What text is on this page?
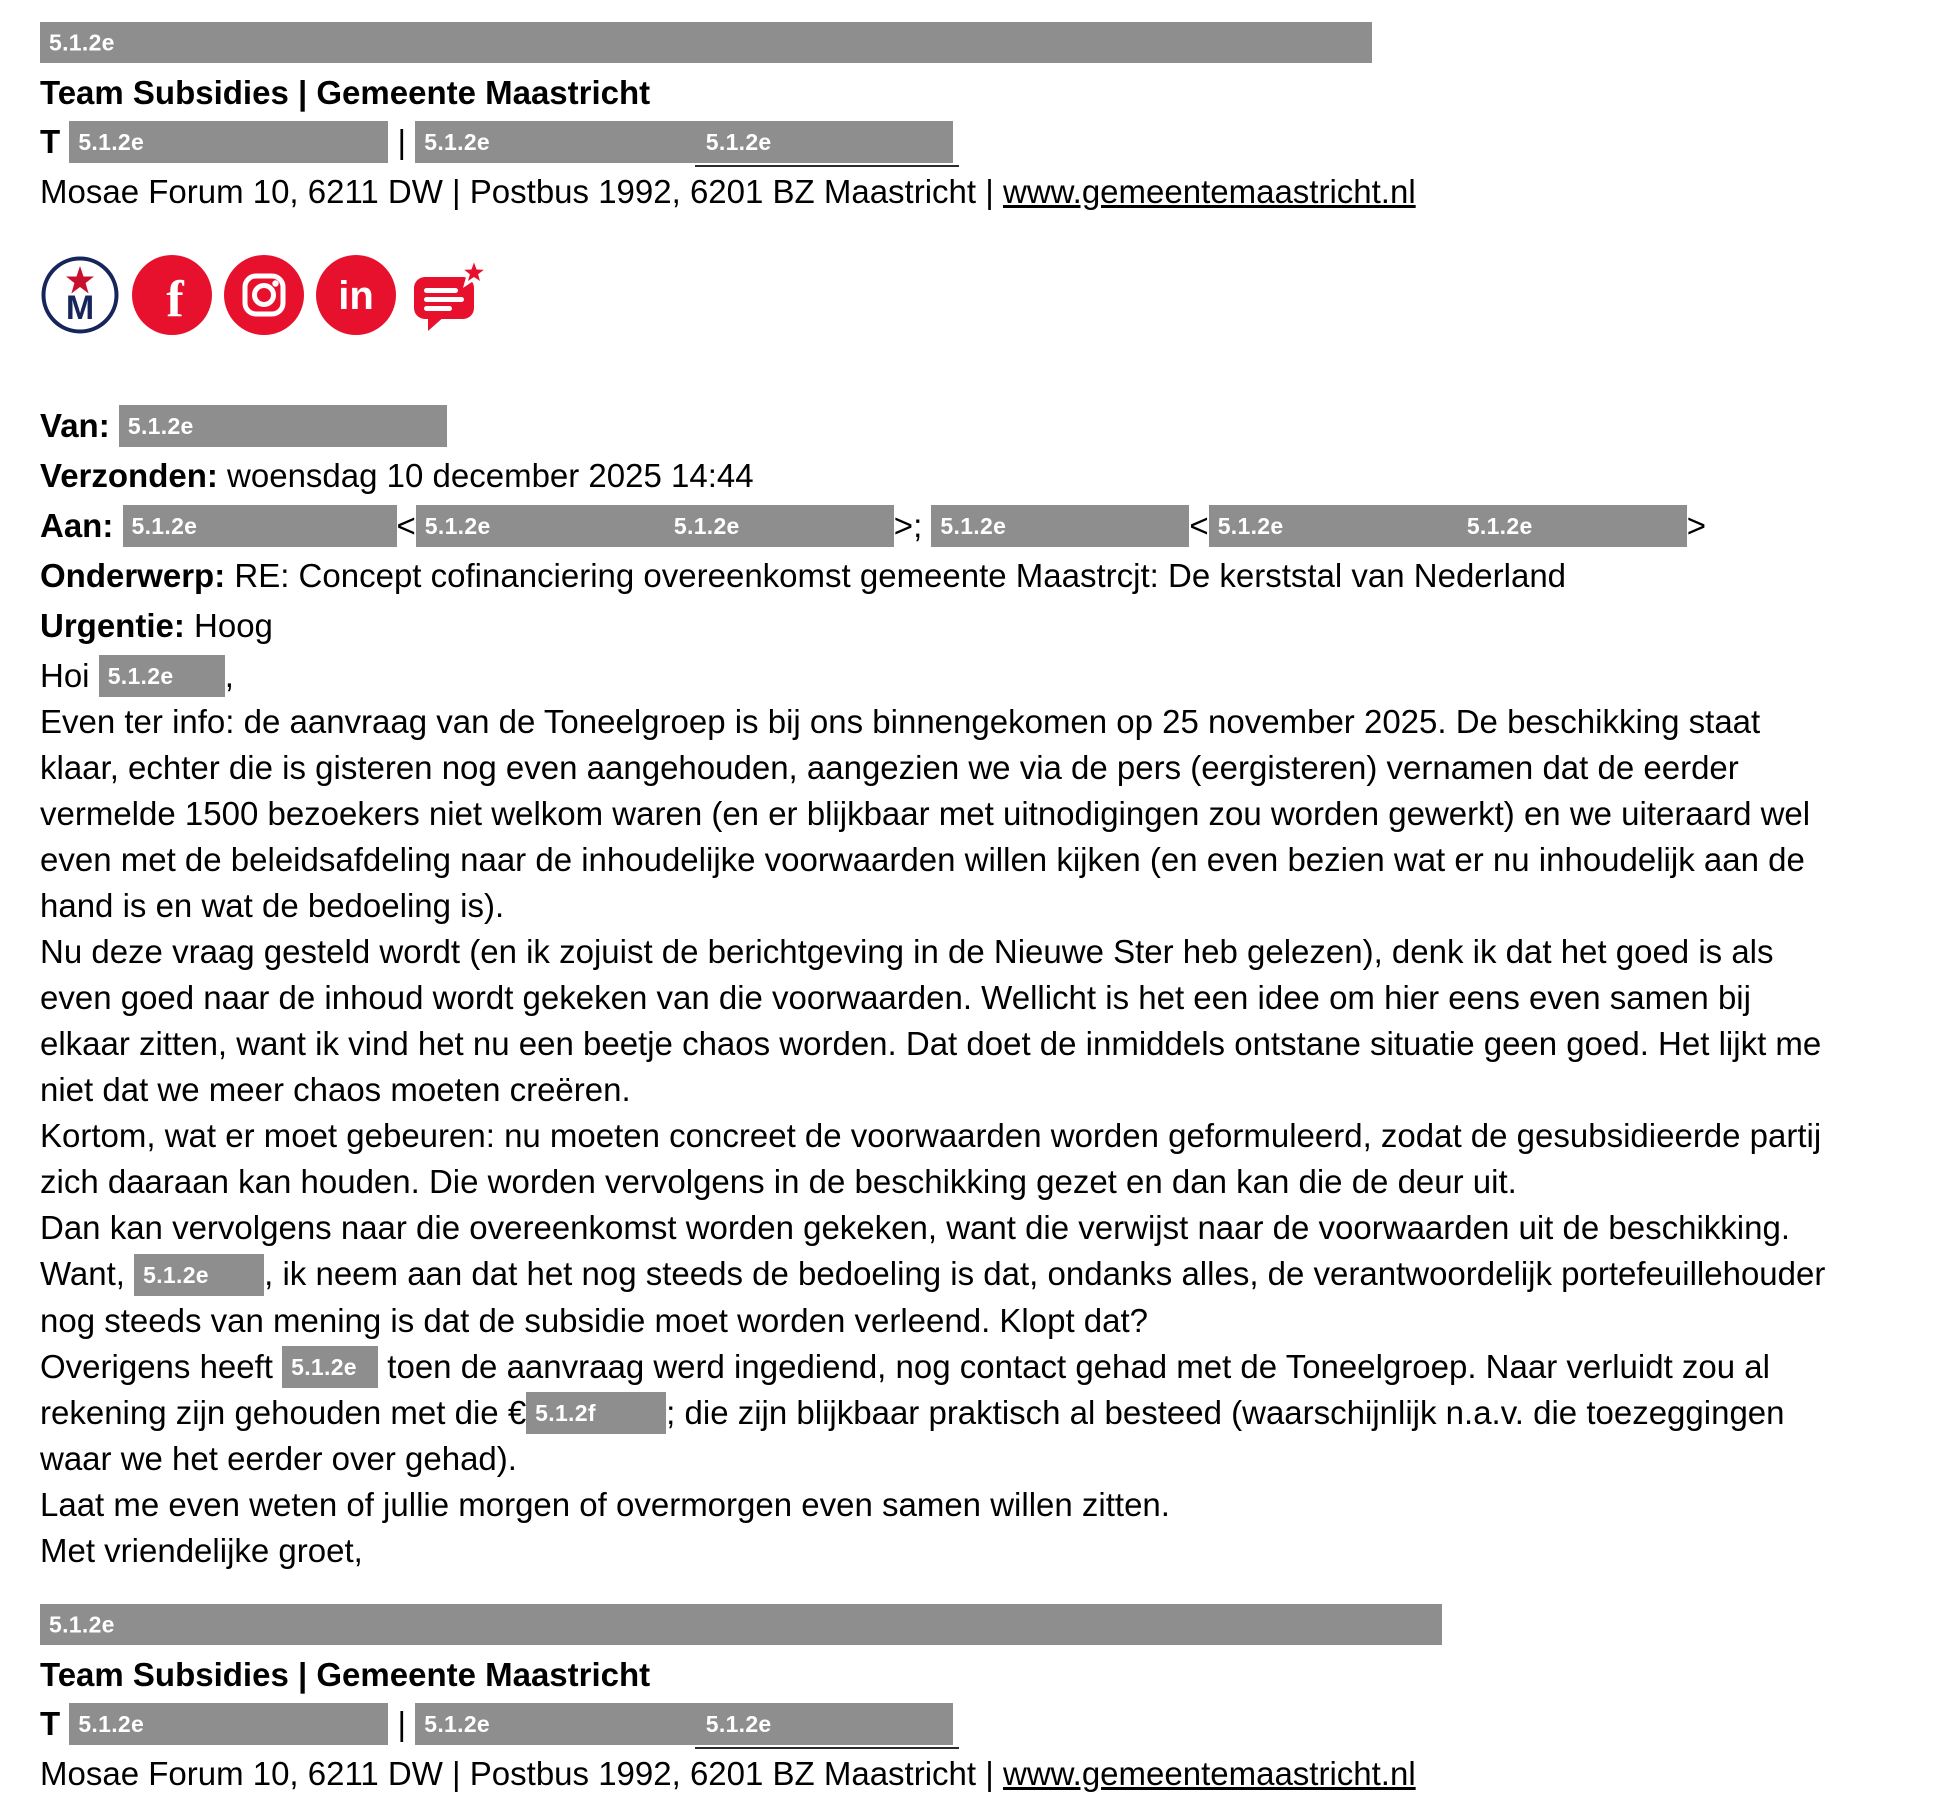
5.1.2e
Team Subsidies | Gemeente Maastricht
T 5.1.2e	| 5.1.2e	5.1.2e
Mosae Forum 10, 6211 DW | Postbus 1992, 6201 BZ Maastricht | www.gemeentemaastricht.nl
M f	in
Van: 5.1.2e
Verzonden: woensdag 10 december 2025 14:44
Aan: 5.1.2e	< 5.1.2e	5.1.2e	>; 5.1.2e	< 5.1.2e	5.1.2e	>
Onderwerp: RE: Concept cofinanciering overeenkomst gemeente Maastrcjt: De kerststal van Nederland
Urgentie: Hoog
Hoi 5.1.2e ,
Even ter info: de aanvraag van de Toneelgroep is bij ons binnengekomen op 25 november 2025. De beschikking staat klaar, echter die is gisteren nog even aangehouden, aangezien we via de pers (eergisteren) vernamen dat de eerder vermelde 1500 bezoekers niet welkom waren (en er blijkbaar met uitnodigingen zou worden gewerkt) en we uiteraard wel even met de beleidsafdeling naar de inhoudelijke voorwaarden willen kijken (en even bezien wat er nu inhoudelijk aan de hand is en wat de bedoeling is).
Nu deze vraag gesteld wordt (en ik zojuist de berichtgeving in de Nieuwe Ster heb gelezen), denk ik dat het goed is als even goed naar de inhoud wordt gekeken van die voorwaarden. Wellicht is het een idee om hier eens even samen bij elkaar zitten, want ik vind het nu een beetje chaos worden. Dat doet de inmiddels ontstane situatie geen goed. Het lijkt me niet dat we meer chaos moeten creëren.
Kortom, wat er moet gebeuren: nu moeten concreet de voorwaarden worden geformuleerd, zodat de gesubsidieerde partij zich daaraan kan houden. Die worden vervolgens in de beschikking gezet en dan kan die de deur uit.
Dan kan vervolgens naar die overeenkomst worden gekeken, want die verwijst naar de voorwaarden uit de beschikking.
Want, 5.1.2e , ik neem aan dat het nog steeds de bedoeling is dat, ondanks alles, de verantwoordelijk portefeuillehouder nog steeds van mening is dat de subsidie moet worden verleend. Klopt dat?
Overigens heeft 5.1.2e toen de aanvraag werd ingediend, nog contact gehad met de Toneelgroep. Naar verluidt zou al rekening zijn gehouden met die € 5.1.2f ; die zijn blijkbaar praktisch al besteed (waarschijnlijk n.a.v. die toezeggingen waar we het eerder over gehad).
Laat me even weten of jullie morgen of overmorgen even samen willen zitten.
Met vriendelijke groet,
5.1.2e
Team Subsidies | Gemeente Maastricht
T 5.1.2e	| 5.1.2e	5.1.2e
Mosae Forum 10, 6211 DW | Postbus 1992, 6201 BZ Maastricht | www.gemeentemaastricht.nl
